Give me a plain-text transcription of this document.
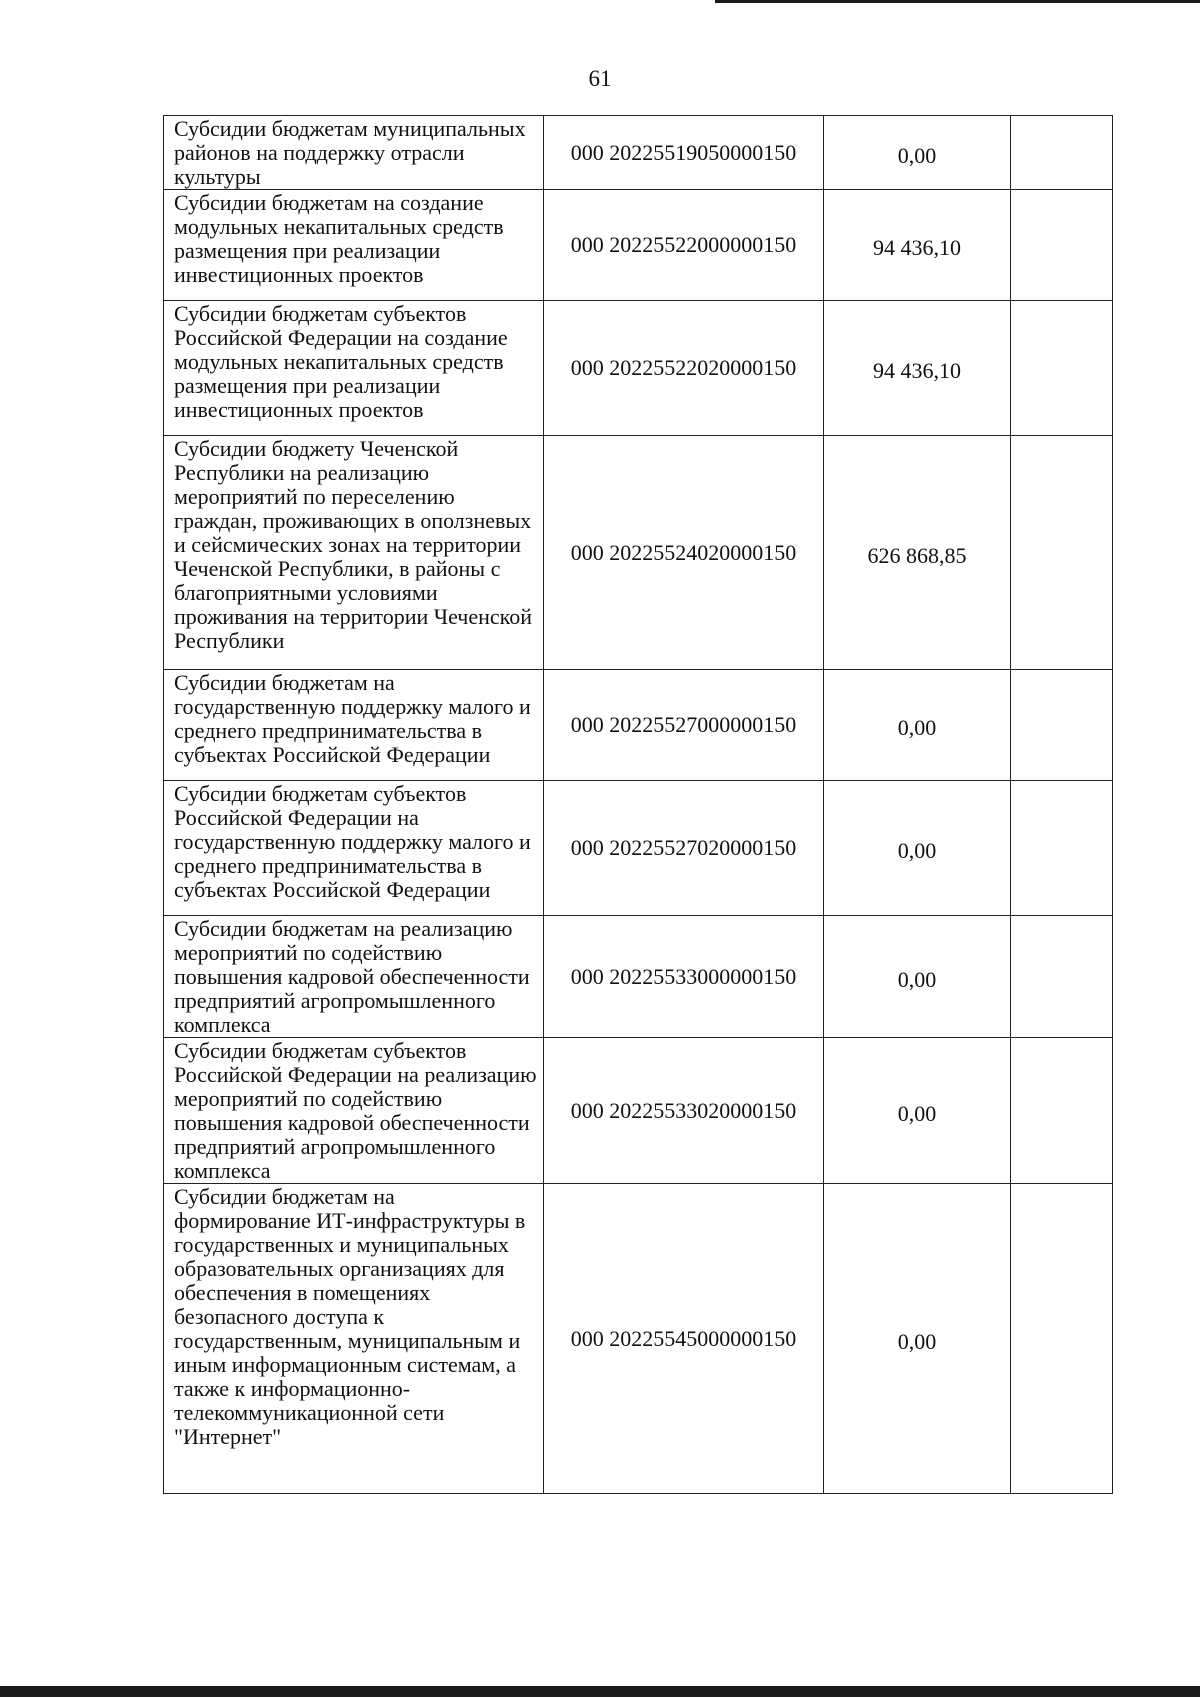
61
Субсидии бюджетам муниципальных районов на поддержку отрасли культуры	000 20225519050000150	0,00	
Субсидии бюджетам на создание модульных некапитальных средств размещения при реализации инвестиционных проектов	000 20225522000000150	94 436,10	
Субсидии бюджетам субъектов Российской Федерации на создание модульных некапитальных средств размещения при реализации инвестиционных проектов	000 20225522020000150	94 436,10	
Субсидии бюджету Чеченской Республики на реализацию мероприятий по переселению граждан, проживающих в оползневых и сейсмических зонах на территории Чеченской Республики, в районы с благоприятными условиями проживания на территории Чеченской Республики	000 20225524020000150	626 868,85	
Субсидии бюджетам на государственную поддержку малого и среднего предпринимательства в субъектах Российской Федерации	000 20225527000000150	0,00	
Субсидии бюджетам субъектов Российской Федерации на государственную поддержку малого и среднего предпринимательства в субъектах Российской Федерации	000 20225527020000150	0,00	
Субсидии бюджетам на реализацию мероприятий по содействию повышения кадровой обеспеченности предприятий агропромышленного комплекса	000 20225533000000150	0,00	
Субсидии бюджетам субъектов Российской Федерации на реализацию мероприятий по содействию повышения кадровой обеспеченности предприятий агропромышленного комплекса	000 20225533020000150	0,00	
Субсидии бюджетам на формирование ИТ-инфраструктуры в государственных и муниципальных образовательных организациях для обеспечения в помещениях безопасного доступа к государственным, муниципальным и иным информационным системам, а также к информационно-телекоммуникационной сети "Интернет"	000 20225545000000150	0,00	
